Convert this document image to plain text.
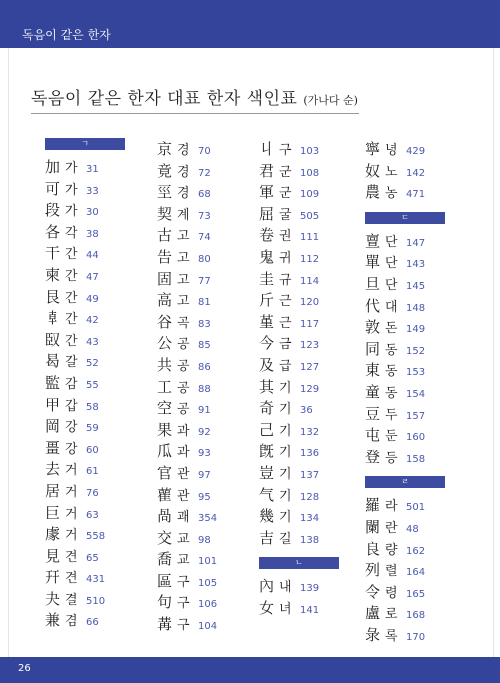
독음이 같은 한자
독음이 같은 한자 대표 한자 색인표 (가나다 순)
ㄱ
加 가 31
可 가 33
段 가 30
各 각 38
干 간 44
柬 간 47
艮 간 49
𠦝 간 42
臤 간 43
曷 갈 52
監 감 55
甲 갑 58
岡 강 59
畺 강 60
去 거 61
居 거 76
巨 거 63
豦 거 558
見 견 65
幵 견 431
夬 결 510
兼 겸 66
京 경 70
竟 경 72
巠 경 68
契 계 73
古 고 74
告 고 80
固 고 77
高 고 81
谷 곡 83
公 공 85
共 공 86
工 공 88
空 공 91
果 과 92
瓜 과 93
官 관 97
雚 관 95
咼 괘 354
交 교 98
喬 교 101
區 구 105
句 구 106
冓 구 104
丩 구 103
君 군 108
軍 군 109
屈 굴 505
卷 권 111
鬼 귀 112
圭 규 114
斤 근 120
堇 근 117
今 금 123
及 급 127
其 기 129
奇 기 36
己 기 132
旣 기 136
豈 기 137
气 기 128
幾 기 134
吉 길 138
ㄴ
內 내 139
女 녀 141
寧 녕 429
奴 노 142
農 농 471
ㄷ
亶 단 147
單 단 143
旦 단 145
代 대 148
敦 돈 149
同 동 152
東 동 153
童 동 154
豆 두 157
屯 둔 160
登 등 158
ㄹ
羅 라 501
闌 란 48
良 량 162
列 렬 164
令 령 165
盧 로 168
彔 록 170
26
